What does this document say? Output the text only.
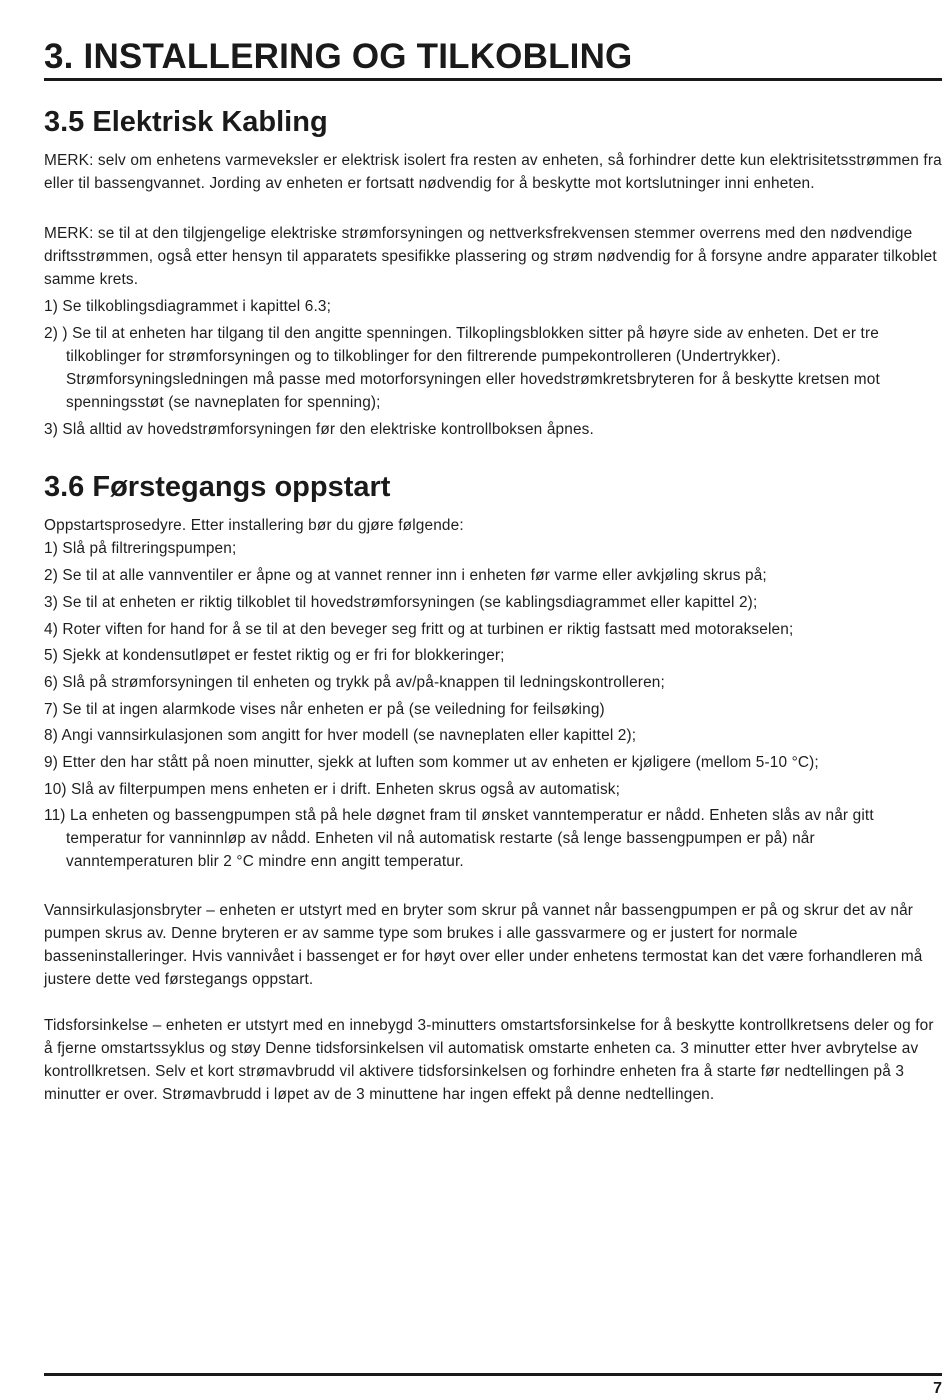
3. INSTALLERING OG TILKOBLING
3.5 Elektrisk Kabling

MERK: selv om enhetens varmeveksler er elektrisk isolert fra resten av enheten, så forhindrer dette kun elektrisitetsstrømmen fra eller til bassengvannet. Jording av enheten er fortsatt nødvendig for å beskytte mot kortslutninger inni enheten.

MERK: se til at den tilgjengelige elektriske strømforsyningen og nettverksfrekvensen stemmer overrens med den nødvendige driftsstrømmen, også etter hensyn til apparatets spesifikke plassering og strøm nødvendig for å forsyne andre apparater tilkoblet samme krets.

1) Se tilkoblingsdiagrammet i kapittel 6.3;

2) ) Se til at enheten har tilgang til den angitte spenningen. Tilkoplingsblokken sitter på høyre side av enheten. Det er tre tilkoblinger for strømforsyningen og to tilkoblinger for den filtrerende pumpekontrolleren (Undertrykker). Strømforsyningsledningen må passe med motorforsyningen eller hovedstrømkretsbryteren for å beskytte kretsen mot spenningsstøt (se navneplaten for spenning);

3) Slå alltid av hovedstrømforsyningen før den elektriske kontrollboksen åpnes.

3.6 Førstegangs oppstart

Oppstartsprosedyre. Etter installering bør du gjøre følgende:

1) Slå på filtreringspumpen;

2) Se til at alle vannventiler er åpne og at vannet renner inn i enheten før varme eller avkjøling skrus på;

3) Se til at enheten er riktig tilkoblet til hovedstrømforsyningen (se kablingsdiagrammet eller kapittel 2);

4) Roter viften for hand for å se til at den beveger seg fritt og at turbinen er riktig fastsatt med motorakselen;

5) Sjekk at kondensutløpet er festet riktig og er fri for blokkeringer;

6) Slå på strømforsyningen til enheten og trykk på av/på-knappen til ledningskontrolleren;

7) Se til at ingen alarmkode vises når enheten er på (se veiledning for feilsøking)

8) Angi vannsirkulasjonen som angitt for hver modell (se navneplaten eller kapittel 2);

9) Etter den har stått på noen minutter, sjekk at luften som kommer ut av enheten er kjøligere (mellom 5-10 °C);

10) Slå av filterpumpen mens enheten er i drift. Enheten skrus også av automatisk;

11) La enheten og bassengpumpen stå på hele døgnet fram til ønsket vanntemperatur er nådd. Enheten slås av når gitt temperatur for vanninnløp av nådd. Enheten vil nå automatisk restarte (så lenge bassengpumpen er på) når vanntemperaturen blir 2 °C mindre enn angitt temperatur.

Vannsirkulasjonsbryter – enheten er utstyrt med en bryter som skrur på vannet når bassengpumpen er på og skrur det av når pumpen skrus av. Denne bryteren er av samme type som brukes i alle gassvarmere og er justert for normale basseninstalleringer. Hvis vannivået i bassenget er for høyt over eller under enhetens termostat kan det være forhandleren må justere dette ved førstegangs oppstart.

Tidsforsinkelse – enheten er utstyrt med en innebygd 3-minutters omstartsforsinkelse for å beskytte kontrollkretsens deler og for å fjerne omstartssyklus og støy Denne tidsforsinkelsen vil automatisk omstarte enheten ca. 3 minutter etter hver avbrytelse av kontrollkretsen. Selv et kort strømavbrudd vil aktivere tidsforsinkelsen og forhindre enheten fra å starte før nedtellingen på 3 minutter er over. Strømavbrudd i løpet av de 3 minuttene har ingen effekt på denne nedtellingen.

7
